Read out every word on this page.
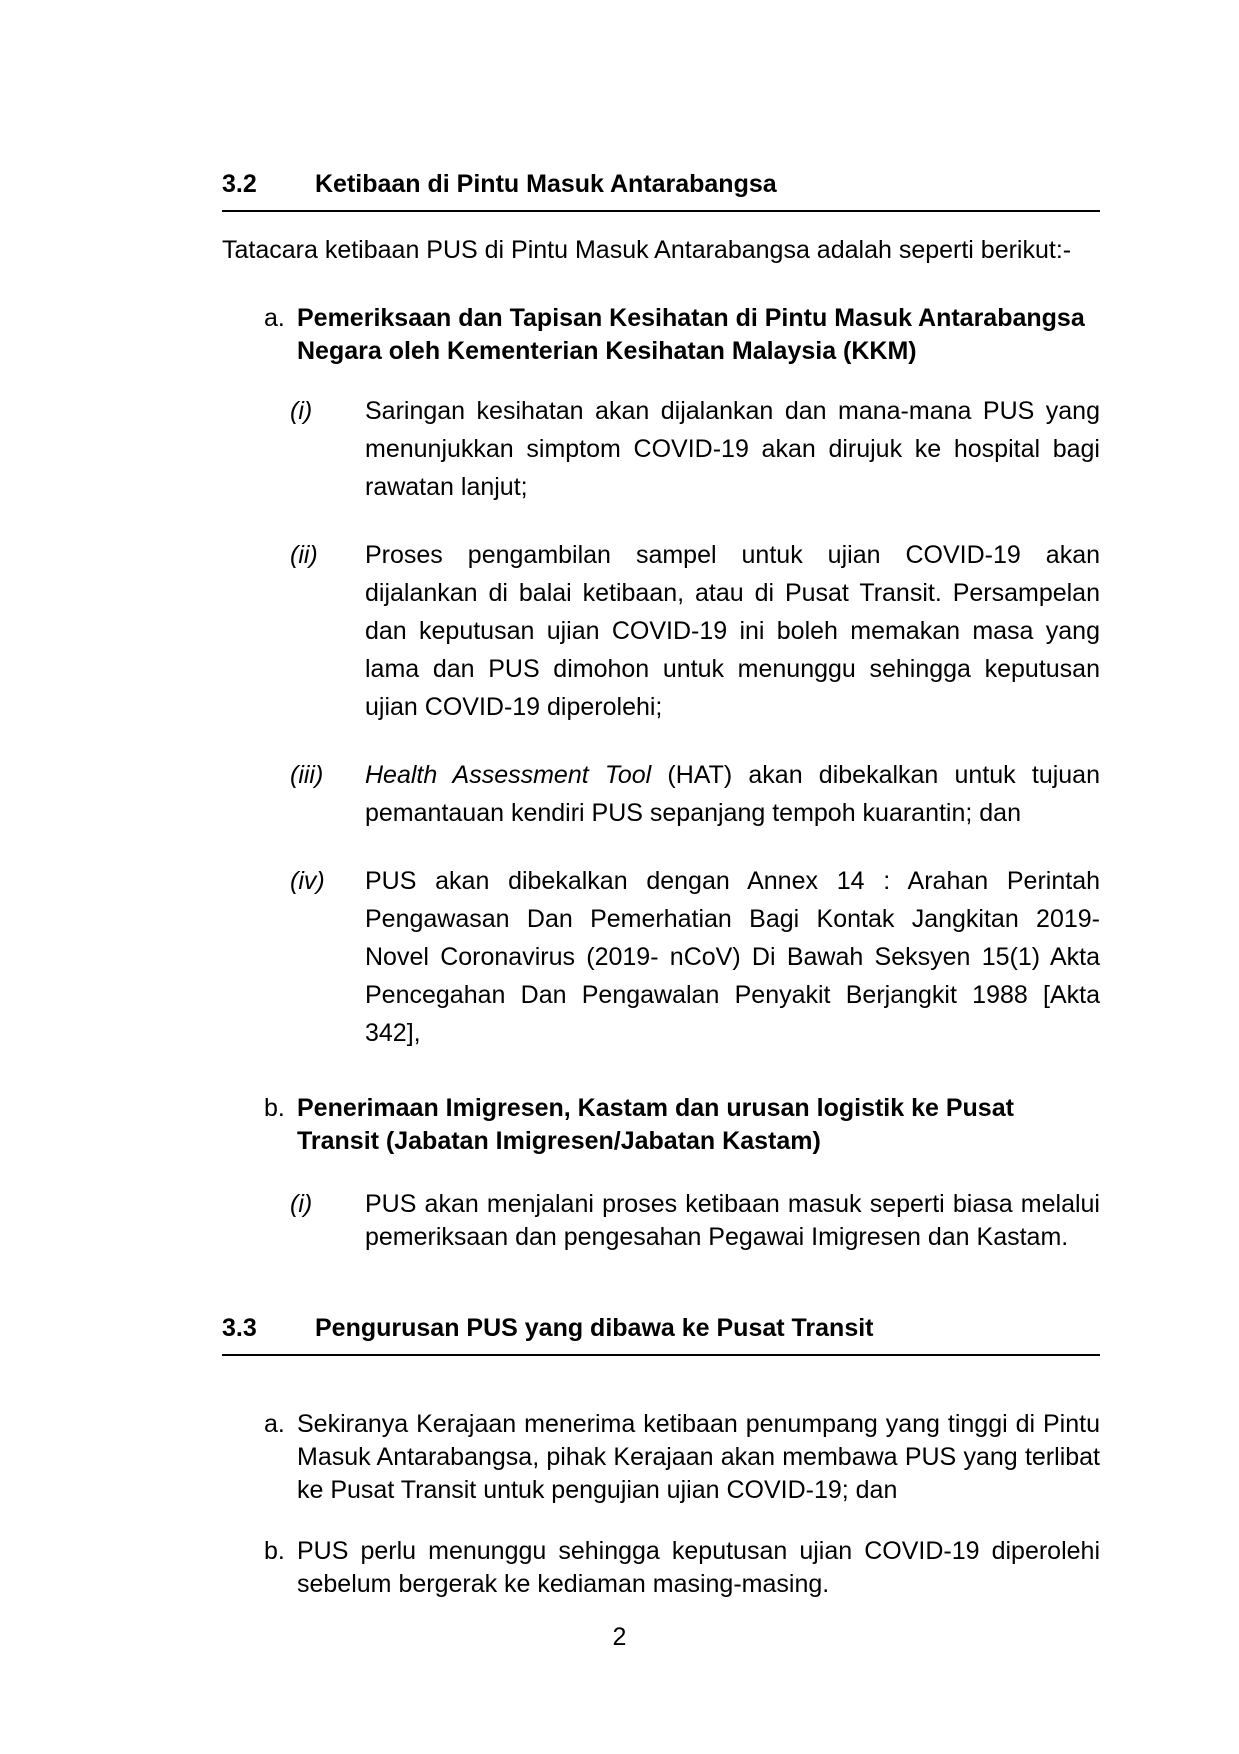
3.2	Ketibaan di Pintu Masuk Antarabangsa

Tatacara ketibaan PUS di Pintu Masuk Antarabangsa adalah seperti berikut:-

a. Pemeriksaan dan Tapisan Kesihatan di Pintu Masuk Antarabangsa Negara oleh Kementerian Kesihatan Malaysia (KKM)

(i)	Saringan kesihatan akan dijalankan dan mana-mana PUS yang menunjukkan simptom COVID-19 akan dirujuk ke hospital bagi rawatan lanjut;

(ii)	Proses pengambilan sampel untuk ujian COVID-19 akan dijalankan di balai ketibaan, atau di Pusat Transit. Persampelan dan keputusan ujian COVID-19 ini boleh memakan masa yang lama dan PUS dimohon untuk menunggu sehingga keputusan ujian COVID-19 diperolehi;

(iii)	Health Assessment Tool (HAT) akan dibekalkan untuk tujuan pemantauan kendiri PUS sepanjang tempoh kuarantin; dan

(iv)	PUS akan dibekalkan dengan Annex 14 : Arahan Perintah Pengawasan Dan Pemerhatian Bagi Kontak Jangkitan 2019- Novel Coronavirus (2019- nCoV) Di Bawah Seksyen 15(1) Akta Pencegahan Dan Pengawalan Penyakit Berjangkit 1988 [Akta 342],

b. Penerimaan Imigresen, Kastam dan urusan logistik ke Pusat Transit (Jabatan Imigresen/Jabatan Kastam)

(i)	PUS akan menjalani proses ketibaan masuk seperti biasa melalui pemeriksaan dan pengesahan Pegawai Imigresen dan Kastam.

3.3	Pengurusan PUS yang dibawa ke Pusat Transit
a. Sekiranya Kerajaan menerima ketibaan penumpang yang tinggi di Pintu Masuk Antarabangsa, pihak Kerajaan akan membawa PUS yang terlibat ke Pusat Transit untuk pengujian ujian COVID-19; dan

b. PUS perlu menunggu sehingga keputusan ujian COVID-19 diperolehi sebelum bergerak ke kediaman masing-masing.

2
